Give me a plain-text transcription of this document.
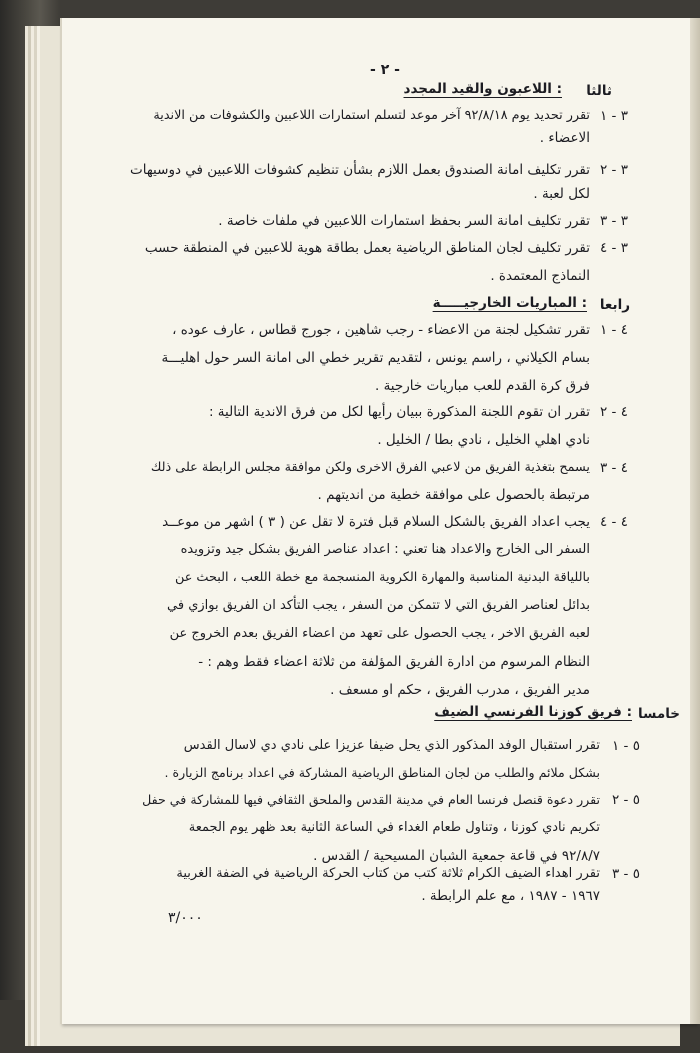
- ٢ -
ثالثا
: اللاعبون والقيد المجدد
٣ - ١
تقرر تحديد يوم ٩٢/٨/١٨ آخر موعد لتسلم استمارات اللاعبين والكشوفات من الاندية
الاعضاء .
٣ - ٢
تقرر تكليف امانة الصندوق بعمل اللازم بشأن تنظيم كشوفات اللاعبين في دوسيهات
لكل لعبة .
٣ - ٣
تقرر تكليف امانة السر بحفظ استمارات اللاعبين في ملفات خاصة .
٣ - ٤
تقرر تكليف لجان المناطق الرياضية بعمل بطاقة هوية للاعبين في المنطقة حسب
النماذج المعتمدة .
رابعا
: المباريات الخارجيـــــة
٤ - ١
تقرر تشكيل لجنة من الاعضاء - رجب شاهين ، جورج قطاس ، عارف عوده ،
بسام الكيلاني ، راسم يونس ، لتقديم تقرير خطي الى امانة السر حول اهليـــة
فرق كرة القدم للعب مباريات خارجية .
٤ - ٢
تقرر ان تقوم اللجنة المذكورة ببيان رأيها لكل من فرق الاندية التالية :
نادي اهلي الخليل ، نادي بطا / الخليل .
٤ - ٣
يسمح بتغذية الفريق من لاعبي الفرق الاخرى ولكن موافقة مجلس الرابطة على ذلك
مرتبطة بالحصول على موافقة خطية من انديتهم .
٤ - ٤
يجب اعداد الفريق بالشكل السلام قبل فترة لا تقل عن ( ٣ ) اشهر من موعــد
السفر الى الخارج والاعداد هنا تعني : اعداد عناصر الفريق بشكل جيد وتزويده
باللياقة البدنية المناسبة والمهارة الكروية المنسجمة مع خطة اللعب ، البحث عن
بدائل لعناصر الفريق التي لا تتمكن من السفر ، يجب التأكد ان الفريق بوازي في
لعبه الفريق الاخر ، يجب الحصول على تعهد من اعضاء الفريق بعدم الخروج عن
النظام المرسوم من ادارة الفريق المؤلفة من ثلاثة اعضاء فقط وهم : -
مدير الفريق ، مدرب الفريق ، حكم او مسعف .
خامسا
: فريق كوزنا الفرنسي الضيف
٥ - ١
تقرر استقبال الوفد المذكور الذي يحل ضيفا عزيزا على نادي دي لاسال القدس
بشكل ملائم والطلب من لجان المناطق الرياضية المشاركة في اعداد برنامج الزيارة .
٥ - ٢
تقرر دعوة قنصل فرنسا العام في مدينة القدس والملحق الثقافي فيها للمشاركة في حفل
تكريم نادي كوزنا ، وتناول طعام الغداء في الساعة الثانية بعد ظهر يوم الجمعة
٩٢/٨/٧ في قاعة جمعية الشبان المسيحية / القدس .
٥ - ٣
تقرر اهداء الضيف الكرام ثلاثة كتب من كتاب الحركة الرياضية في الضفة الغربية
١٩٦٧ - ١٩٨٧ ، مع علم الرابطة .
٣/٠٠٠
